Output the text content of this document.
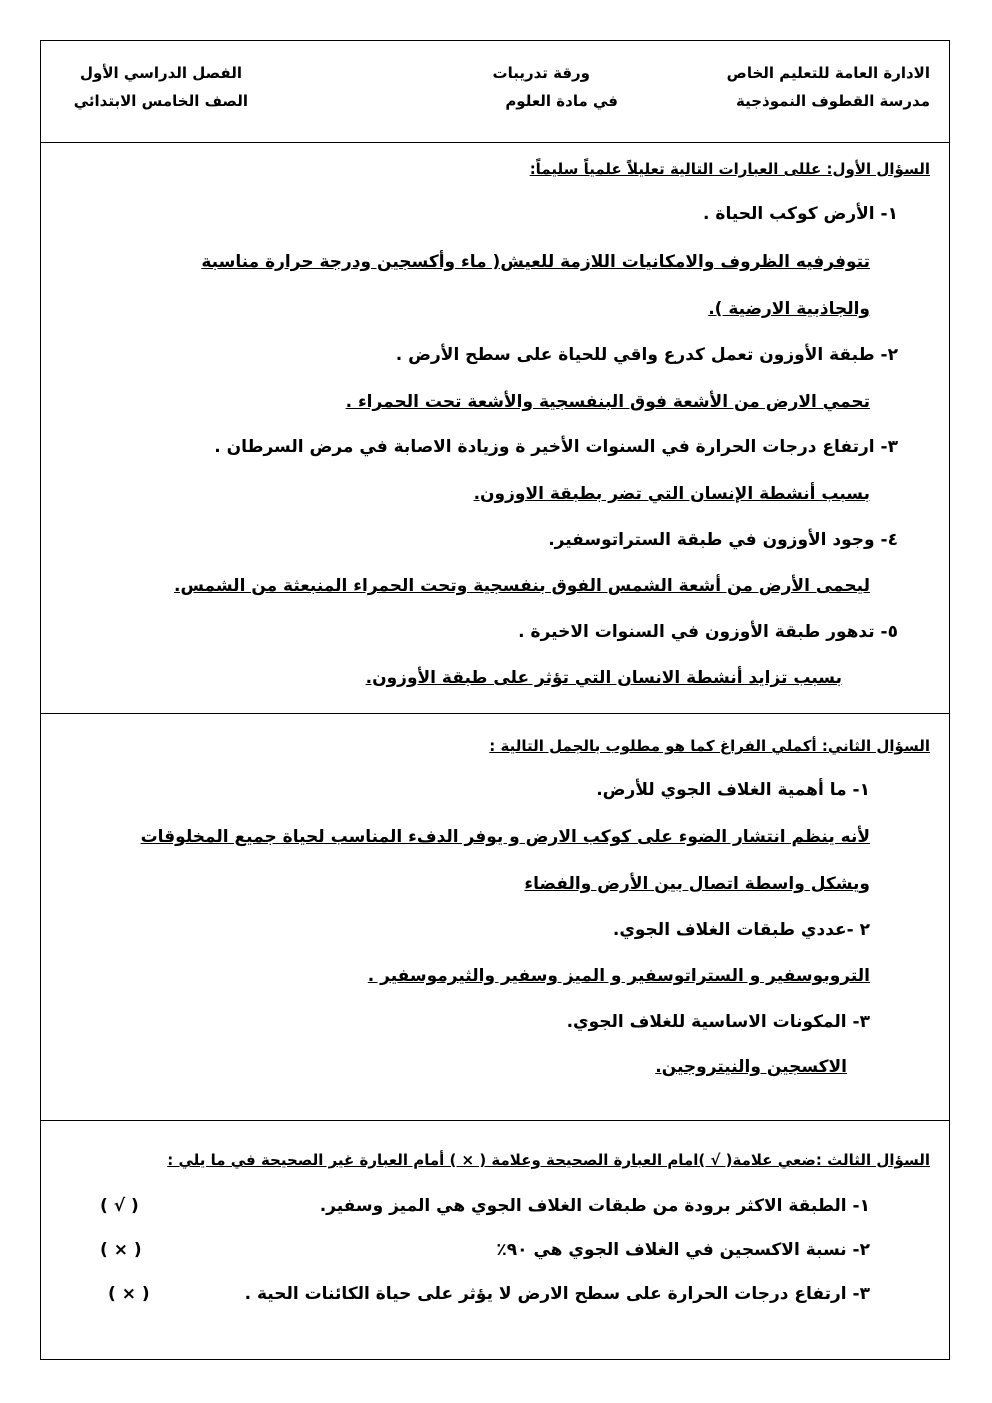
الادارة العامة للتعليم الخاص
مدرسة القطوف النموذجية
ورقة تدريبات
في مادة العلوم
الفصل الدراسي الأول
الصف الخامس الابتدائي
السؤال الأول: عللى العبارات التالية تعليلاً علمياً سليماً:
١- الأرض كوكب الحياة .
تتوفرفيه الظروف والامكانيات اللازمة للعيش( ماء وأكسجين ودرجة حرارة مناسبة
والجاذبية الارضية ).
٢- طبقة الأوزون تعمل كدرع واقي للحياة على سطح الأرض .
تحمي الارض من الأشعة فوق البنفسجية والأشعة تحت الحمراء .
٣- ارتفاع درجات الحرارة في السنوات الأخير ة وزيادة الاصابة في مرض السرطان .
بسبب أنشطة الإنسان التي تضر بطبقة الاوزون.
٤- وجود الأوزون في طبقة الستراتوسفير.
ليحمى الأرض من أشعة الشمس الفوق بنفسجية وتحت الحمراء المنبعثة من الشمس.
٥- تدهور طبقة الأوزون في السنوات الاخيرة .
بسبب تزايد أنشطة الانسان التي تؤثر على طبقة الأوزون.
السؤال الثاني: أكملي الفراغ كما هو مطلوب بالجمل التالية :
١- ما أهمية الغلاف الجوي للأرض.
لأنه ينظم انتشار الضوء على كوكب الارض و يوفر الدفء المناسب لحياة جميع المخلوقات
ويشكل واسطة اتصال بين الأرض والفضاء
٢ -عددي طبقات الغلاف الجوي.
التروبوسفير و الستراتوسفير و الميز وسفير والثيرموسفير .
٣- المكونات الاساسية للغلاف الجوي.
الاكسجين والنيتروجين.
السؤال الثالث :ضعي علامة( √ )امام العبارة الصحيحة وعلامة ( × ) أمام العبارة غير الصحيحة في ما يلي :
١- الطبقة الاكثر برودة من طبقات الغلاف الجوي هي الميز وسفير.
( √ )
٢- نسبة الاكسجين في الغلاف الجوي هي ٩٠٪
( × )
٣- ارتفاع درجات الحرارة على سطح الارض لا يؤثر على حياة الكائنات الحية .
( × )
